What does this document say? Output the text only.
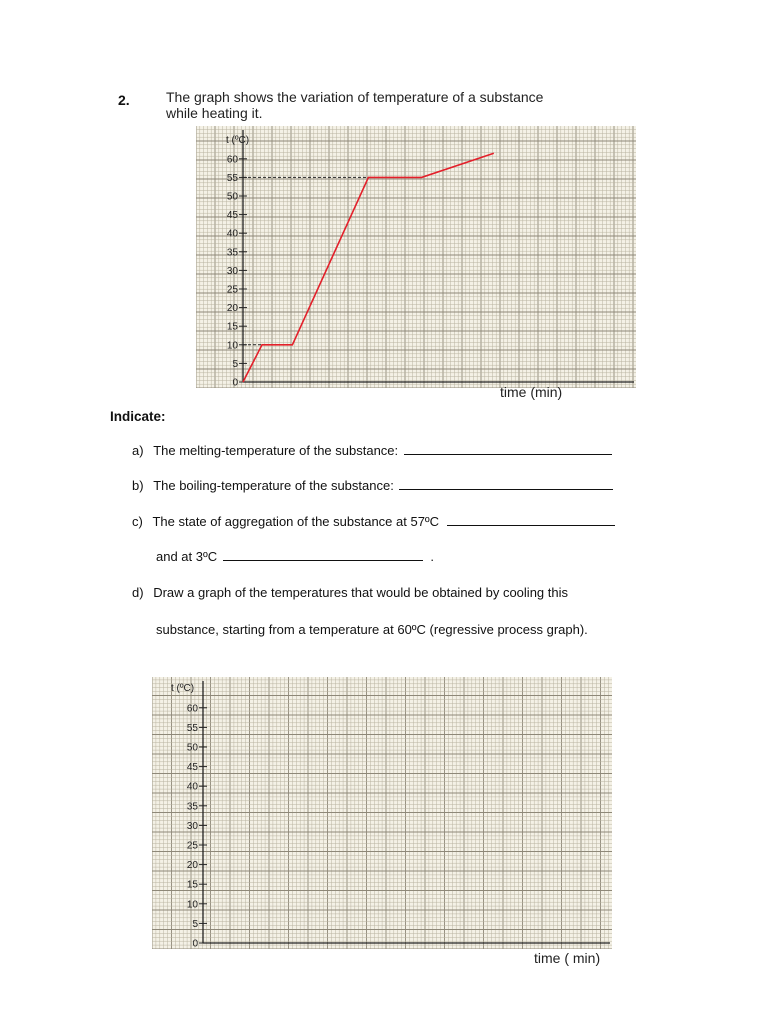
2.	The graph shows the variation of temperature of a substance
while heating it.
0
5
10
15
20
25
30
35
40
45
50
55
60
t (ºC)
time (min)
Indicate:
a) The melting-temperature of the substance:
b) The boiling-temperature of the substance:
c) The state of aggregation of the substance at 57ºC
and at 3ºC	.
d) Draw a graph of the temperatures that would be obtained by cooling this
substance, starting from a temperature at 60ºC (regressive process graph).
0
5
10
15
20
25
30
35
40
45
50
55
60
t (ºC)
time ( min)
